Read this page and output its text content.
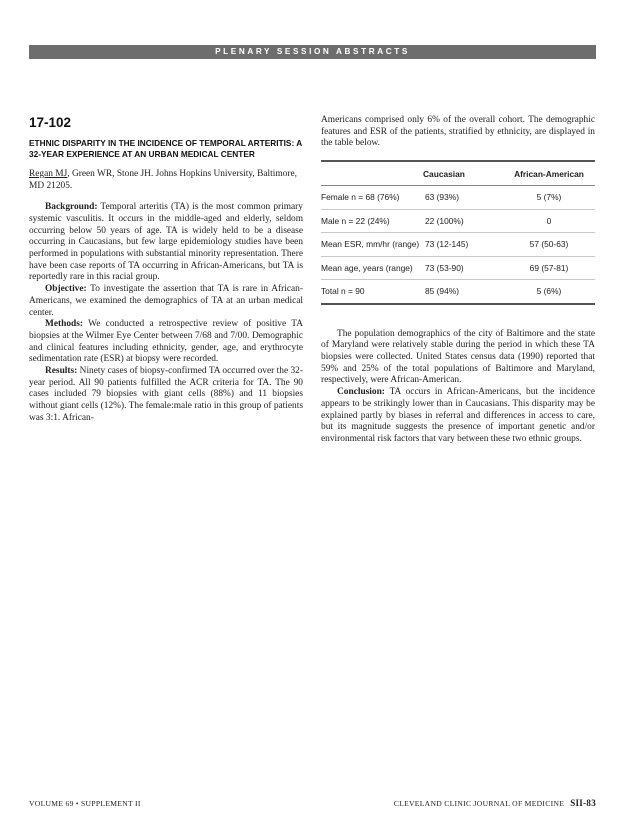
PLENARY SESSION ABSTRACTS
17-102
ETHNIC DISPARITY IN THE INCIDENCE OF TEMPORAL ARTERITIS: A 32-YEAR EXPERIENCE AT AN URBAN MEDICAL CENTER
Regan MJ, Green WR, Stone JH. Johns Hopkins University, Baltimore, MD 21205.

Background: Temporal arteritis (TA) is the most common primary systemic vasculitis. It occurs in the middle-aged and elderly, seldom occurring below 50 years of age. TA is widely held to be a disease occurring in Caucasians, but few large epidemiology studies have been performed in populations with substantial minority representation. There have been case reports of TA occurring in African-Americans, but TA is reportedly rare in this racial group.

Objective: To investigate the assertion that TA is rare in African-Americans, we examined the demographics of TA at an urban medical center.

Methods: We conducted a retrospective review of positive TA biopsies at the Wilmer Eye Center between 7/68 and 7/00. Demographic and clinical features including ethnicity, gender, age, and erythrocyte sedimentation rate (ESR) at biopsy were recorded.

Results: Ninety cases of biopsy-confirmed TA occurred over the 32-year period. All 90 patients fulfilled the ACR criteria for TA. The 90 cases included 79 biopsies with giant cells (88%) and 11 biopsies without giant cells (12%). The female:male ratio in this group of patients was 3:1. African-

Americans comprised only 6% of the overall cohort. The demographic features and ESR of the patients, stratified by ethnicity, are displayed in the table below.

	Caucasian	African-American
Female n = 68 (76%)	63 (93%)	5 (7%)
Male n = 22 (24%)	22 (100%)	0
Mean ESR, mm/hr (range)	73 (12-145)	57 (50-63)
Mean age, years (range)	73 (53-90)	69 (57-81)
Total n = 90	85 (94%)	5 (6%)

The population demographics of the city of Baltimore and the state of Maryland were relatively stable during the period in which these TA biopsies were collected. United States census data (1990) reported that 59% and 25% of the total populations of Baltimore and Maryland, respectively, were African-American.

Conclusion: TA occurs in African-Americans, but the incidence appears to be strikingly lower than in Caucasians. This disparity may be explained partly by biases in referral and differences in access to care, but its magnitude suggests the presence of important genetic and/or environmental risk factors that vary between these two ethnic groups.

VOLUME 69 • SUPPLEMENT II	CLEVELAND CLINIC JOURNAL OF MEDICINE SII-83
